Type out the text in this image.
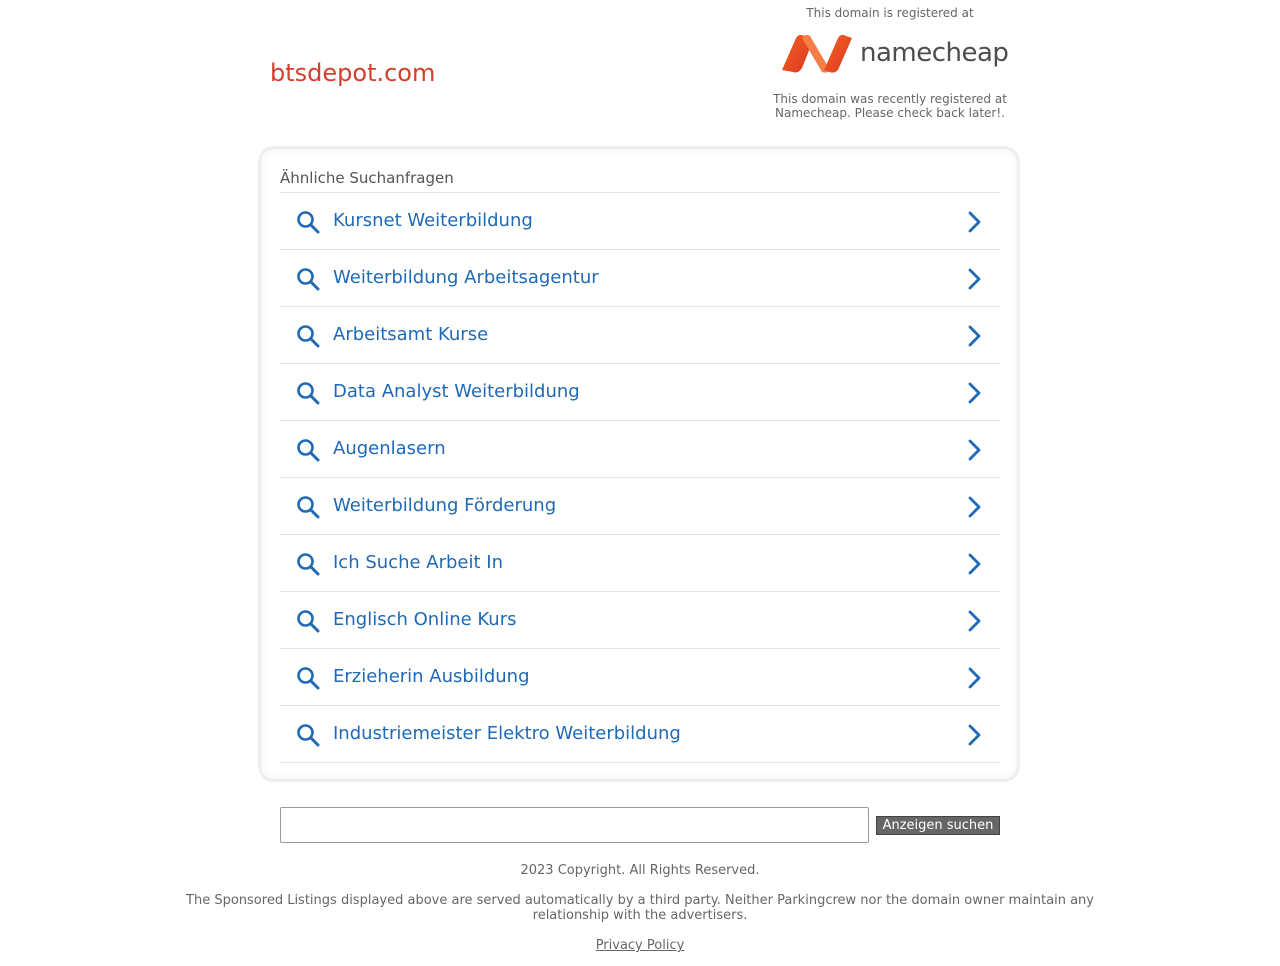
btsdepot.com
This domain is registered at
namecheap
This domain was recently registered at Namecheap. Please check back later!.
Ähnliche Suchanfragen
Kursnet Weiterbildung
Weiterbildung Arbeitsagentur
Arbeitsamt Kurse
Data Analyst Weiterbildung
Augenlasern
Weiterbildung Förderung
Ich Suche Arbeit In
Englisch Online Kurs
Erzieherin Ausbildung
Industriemeister Elektro Weiterbildung
Anzeigen suchen
2023 Copyright. All Rights Reserved.
The Sponsored Listings displayed above are served automatically by a third party. Neither Parkingcrew nor the domain owner maintain any relationship with the advertisers.
Privacy Policy
